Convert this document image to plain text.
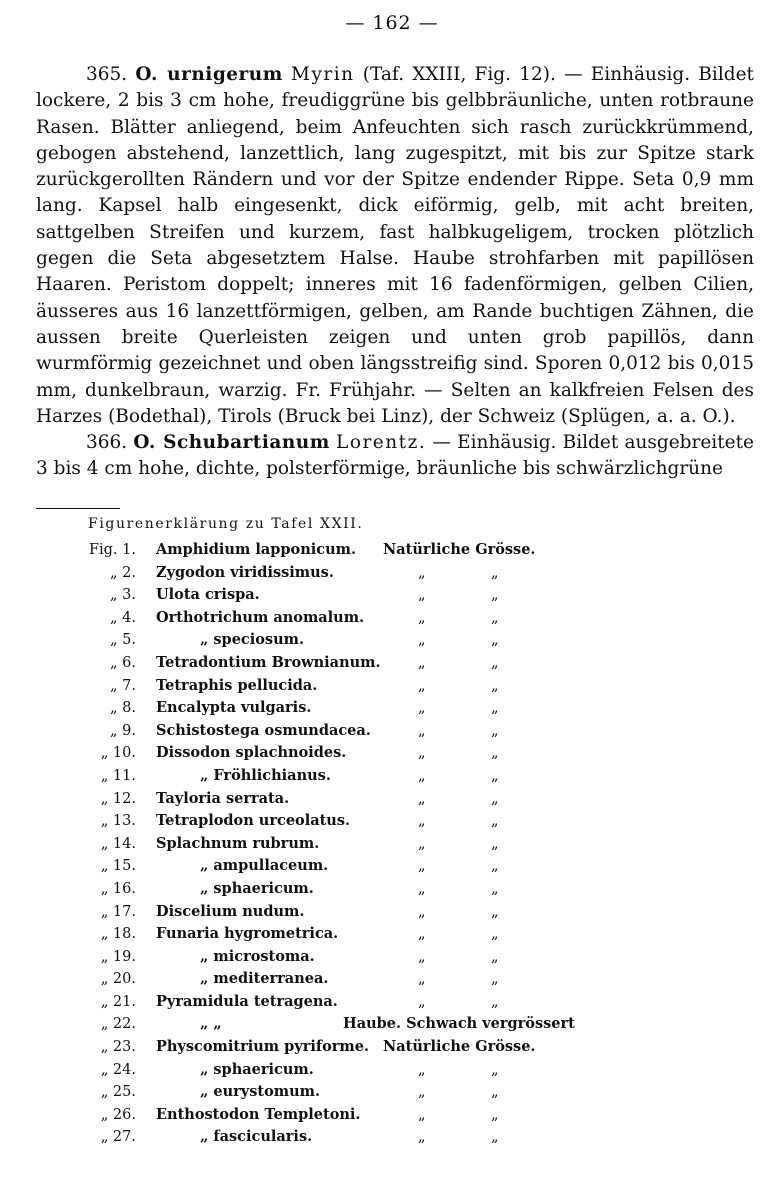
— 162 —

365. O. urnigerum Myrin (Taf. XXIII, Fig. 12). — Einhäusig. Bildet lockere, 2 bis 3 cm hohe, freudiggrüne bis gelbbräunliche, unten rotbraune Rasen. Blätter anliegend, beim Anfeuchten sich rasch zurückkrümmend, gebogen abstehend, lanzettlich, lang zugespitzt, mit bis zur Spitze stark zurückgerollten Rändern und vor der Spitze endender Rippe. Seta 0,9 mm lang. Kapsel halb eingesenkt, dick eiförmig, gelb, mit acht breiten, sattgelben Streifen und kurzem, fast halbkugeligem, trocken plötzlich gegen die Seta abgesetztem Halse. Haube strohfarben mit papillösen Haaren. Peristom doppelt; inneres mit 16 fadenförmigen, gelben Cilien, äusseres aus 16 lanzettförmigen, gelben, am Rande buchtigen Zähnen, die aussen breite Querleisten zeigen und unten grob papillös, dann wurmförmig gezeichnet und oben längsstreifig sind. Sporen 0,012 bis 0,015 mm, dunkelbraun, warzig. Fr. Frühjahr. — Selten an kalkfreien Felsen des Harzes (Bodethal), Tirols (Bruck bei Linz), der Schweiz (Splügen, a. a. O.).

366. O. Schubartianum Lorentz. — Einhäusig. Bildet ausgebreitete 3 bis 4 cm hohe, dichte, polsterförmige, bräunliche bis schwärzlichgrüne

Figurenerklärung zu Tafel XXII.
Fig. 1. Amphidium lapponicum. Natürliche Grösse.
„ 2. Zygodon viridissimus.	„	„
„ 3. Ulota crispa.	„	„
„ 4. Orthotrichum anomalum.	„	„
„ 5.	„ speciosum.	„	„
„ 6. Tetradontium Brownianum.	„	„
„ 7. Tetraphis pellucida.	„	„
„ 8. Encalypta vulgaris.	„	„
„ 9. Schistostega osmundacea.	„	„
„ 10. Dissodon splachnoides.	„	„
„ 11.	„ Fröhlichianus.	„	„
„ 12. Tayloria serrata.	„	„
„ 13. Tetraplodon urceolatus.	„	„
„ 14. Splachnum rubrum.	„	„
„ 15.	„ ampullaceum.	„	„
„ 16.	„ sphaericum.	„	„
„ 17. Discelium nudum.	„	„
„ 18. Funaria hygrometrica.	„	„
„ 19.	„ microstoma.	„	„
„ 20.	„ mediterranea.	„	„
„ 21. Pyramidula tetragena.	„	„
„ 22.	„ „	Haube. Schwach vergrössert
„ 23. Physcomitrium pyriforme. Natürliche Grösse.
„ 24.	„ sphaericum.	„	„
„ 25.	„ eurystomum.	„	„
„ 26. Enthostodon Templetoni.	„	„
„ 27.	„ fascicularis.	„	„
